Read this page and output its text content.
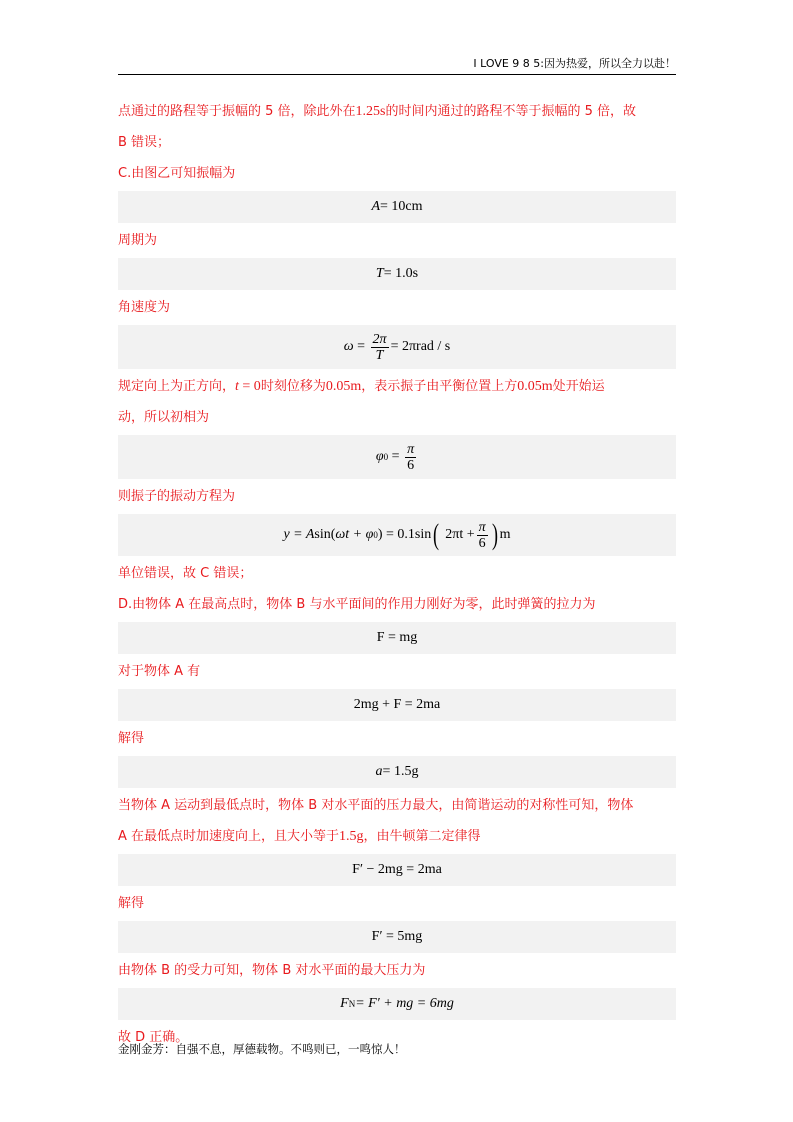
I LOVE 9 8 5:因为热爱，所以全力以赴！
点通过的路程等于振幅的 5 倍，除此外在1.25s的时间内通过的路程不等于振幅的 5 倍，故
B 错误；
C.由图乙可知振幅为
A = 10cm
周期为
T = 1.0s
角速度为
$\omega = \frac{2\pi}{T} = 2\pi rad / s$
规定向上为正方向，t = 0时刻位移为0.05m，表示振子由平衡位置上方0.05m处开始运
动，所以初相为
φ $0 = \frac{\pi}{6}$
则振子的振动方程为
y = A sin( ωt + φ 0 ) = 0.1sin ( $2\pi t + \frac{\pi}{6}$ ) m
单位错误，故 C 错误；
D.由物体 A 在最高点时，物体 B 与水平面间的作用力刚好为零，此时弹簧的拉力为
F = mg
对于物体 A 有
2mg + F = 2ma
解得
a = 1.5g
当物体 A 运动到最低点时，物体 B 对水平面的压力最大，由简谐运动的对称性可知，物体
A 在最低点时加速度向上，且大小等于1.5g，由牛顿第二定律得
F′ − 2mg = 2ma
解得
F′ = 5mg
由物体 B 的受力可知，物体 B 对水平面的最大压力为
F N = F′ + mg = 6mg
故 D 正确。
金刚金芳：自强不息，厚德载物。不鸣则已，一鸣惊人！
